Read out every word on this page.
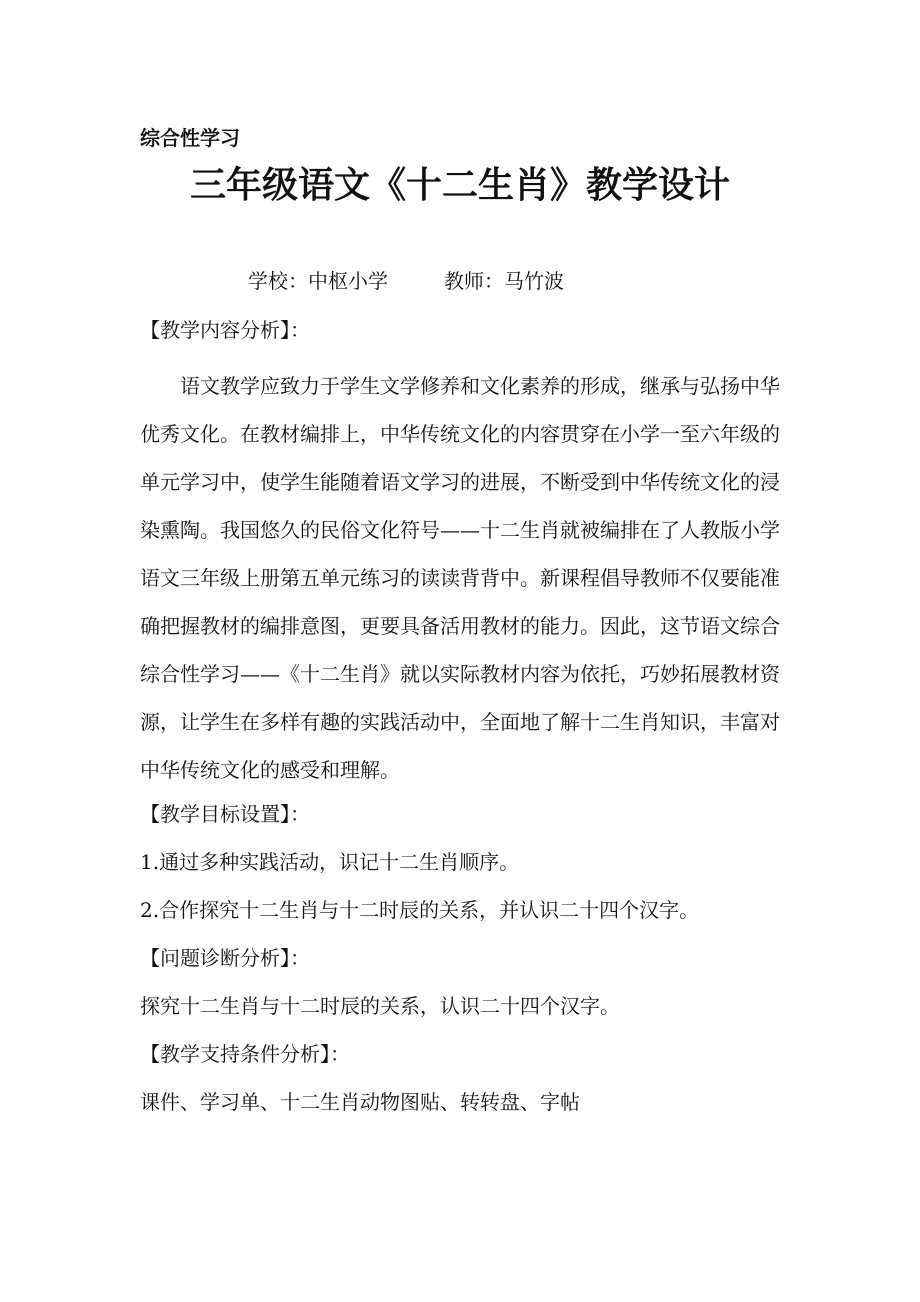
综合性学习

三年级语文《十二生肖》教学设计
学校：中枢小学	教师：马竹波

【教学内容分析】：

语文教学应致力于学生文学修养和文化素养的形成，继承与弘扬中华优秀文化。在教材编排上，中华传统文化的内容贯穿在小学一至六年级的单元学习中，使学生能随着语文学习的进展，不断受到中华传统文化的浸染熏陶。我国悠久的民俗文化符号——十二生肖就被编排在了人教版小学语文三年级上册第五单元练习的读读背背中。新课程倡导教师不仅要能准确把握教材的编排意图，更要具备活用教材的能力。因此，这节语文综合综合性学习——《十二生肖》就以实际教材内容为依托，巧妙拓展教材资源，让学生在多样有趣的实践活动中，全面地了解十二生肖知识，丰富对中华传统文化的感受和理解。

【教学目标设置】：

1.通过多种实践活动，识记十二生肖顺序。

2.合作探究十二生肖与十二时辰的关系，并认识二十四个汉字。

【问题诊断分析】：

探究十二生肖与十二时辰的关系，认识二十四个汉字。

【教学支持条件分析】：

课件、学习单、十二生肖动物图贴、转转盘、字帖
